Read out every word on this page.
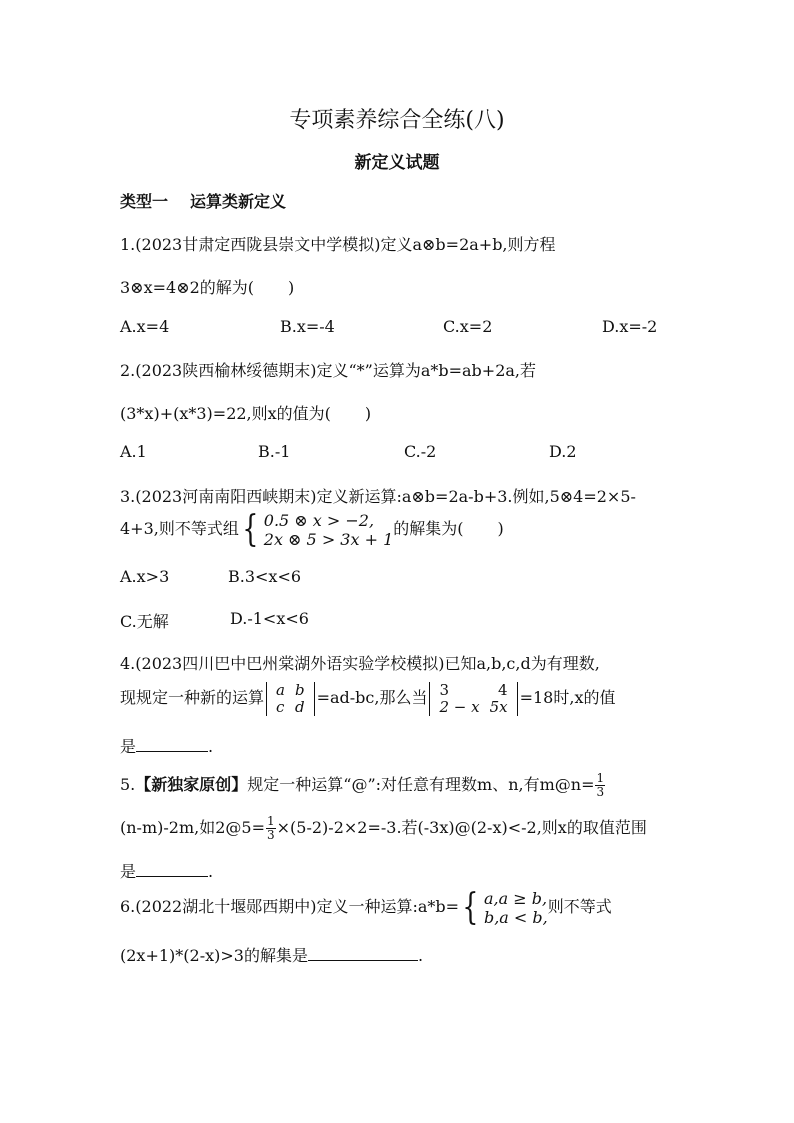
专项素养综合全练(八)
新定义试题
类型一 运算类新定义
1.(2023甘肃定西陇县崇文中学模拟)定义a⊗b=2a+b,则方程
3⊗x=4⊗2的解为( )
A.x=4	B.x=-4	C.x=2	D.x=-2
2.(2023陕西榆林绥德期末)定义“*”运算为a*b=ab+2a,若
(3*x)+(x*3)=22,则x的值为( )
A.1	B.-1	C.-2	D.2
3.(2023河南南阳西峡期末)定义新运算:a⊗b=2a-b+3.例如,5⊗4=2×5-
4+3,则不等式组{ 0.5 ⊗ x > −2,
2x ⊗ 5 > 3x + 1
的解集为( )
A.x>3	B.3<x<6
C.无解	D.-1<x<6
4.(2023四川巴中巴州棠湖外语实验学校模拟)已知a,b,c,d为有理数,
现规定一种新的运算 a	b
c	d =ad-bc,那么当 3	4
2 − x	5x =18时,x的值
是	.
5.【新独家原创】规定一种运算“@”:对任意有理数m、n,有m@n= $\frac{1}{3}$
(n-m)-2m,如2@5= $\frac{1}{3} \times(5-2)-2\times 2=-3$.若(-3x)@(2-x)<-2,则x的取值范围
是	.
6.(2022湖北十堰郧西期中)定义一种运算:a*b={ a,a ≥ b,
b,a < b,
则不等式
(2x+1)*(2-x)>3的解集是	.
